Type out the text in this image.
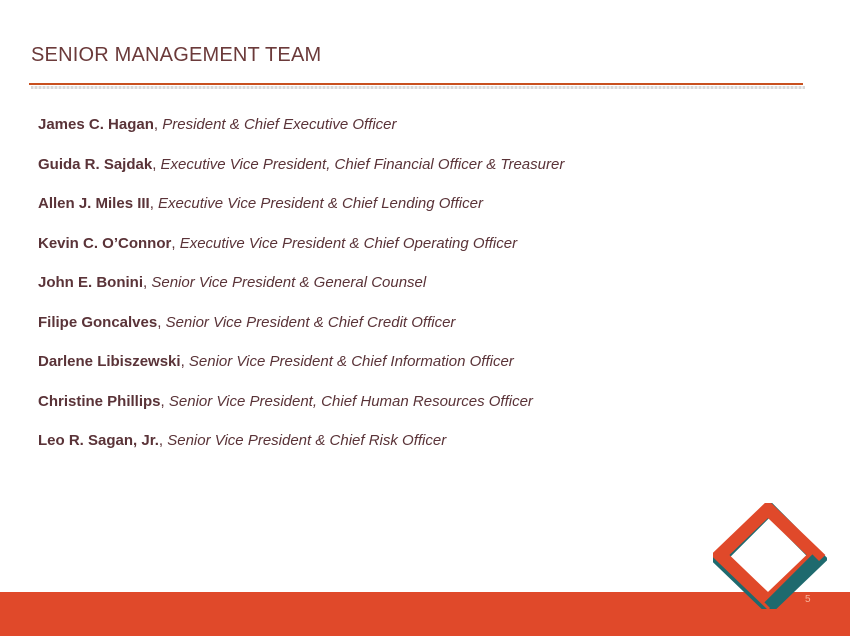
SENIOR MANAGEMENT TEAM
James C. Hagan, President & Chief Executive Officer
Guida R. Sajdak, Executive Vice President, Chief Financial Officer & Treasurer
Allen J. Miles III, Executive Vice President & Chief Lending Officer
Kevin C. O’Connor, Executive Vice President & Chief Operating Officer
John E. Bonini, Senior Vice President & General Counsel
Filipe Goncalves, Senior Vice President & Chief Credit Officer
Darlene Libiszewski, Senior Vice President & Chief Information Officer
Christine Phillips, Senior Vice President, Chief Human Resources Officer
Leo R. Sagan, Jr., Senior Vice President & Chief Risk Officer
5
